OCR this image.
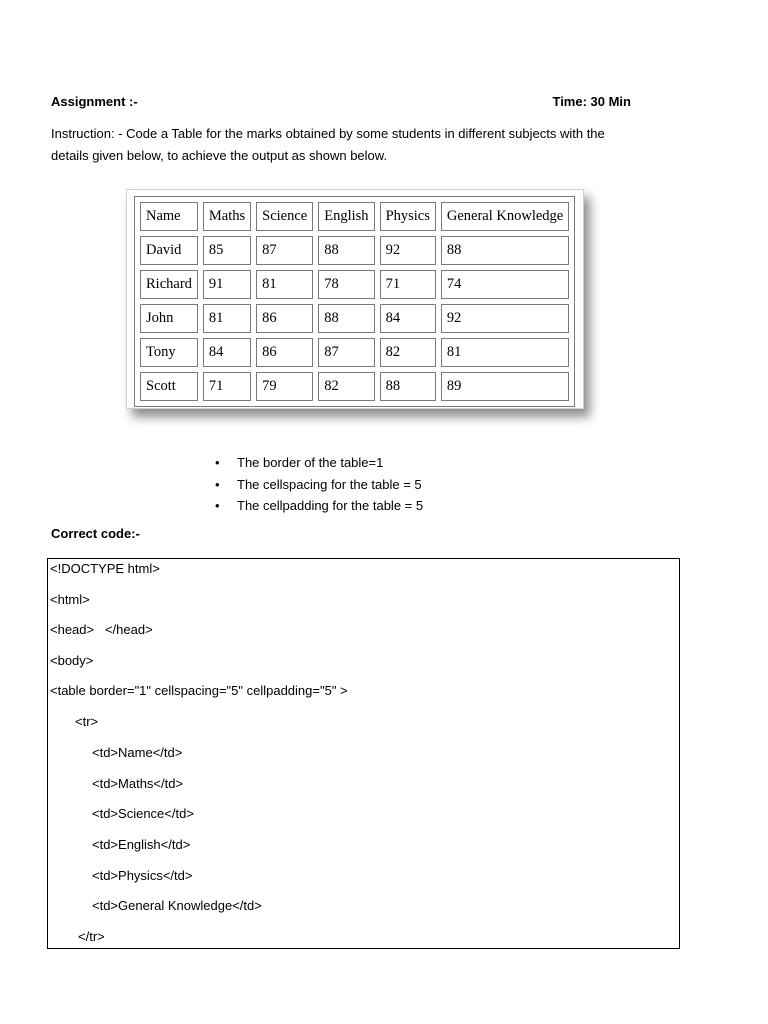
Assignment :-	Time: 30 Min
Instruction: - Code a Table for the marks obtained by some students in different subjects with the
details given below, to achieve the output as shown below.
Name	Maths	Science	English	Physics	General Knowledge
David	85	87	88	92	88
Richard	91	81	78	71	74
John	81	86	88	84	92
Tony	84	86	87	82	81
Scott	71	79	82	88	89
• The border of the table=1
• The cellspacing for the table = 5
• The cellpadding for the table = 5
Correct code:-
<!DOCTYPE html>
<html>
<head>   </head>
<body>
<table border="1" cellspacing="5" cellpadding="5" >
<tr>
<td>Name</td>
<td>Maths</td>
<td>Science</td>
<td>English</td>
<td>Physics</td>
<td>General Knowledge</td>
</tr>
